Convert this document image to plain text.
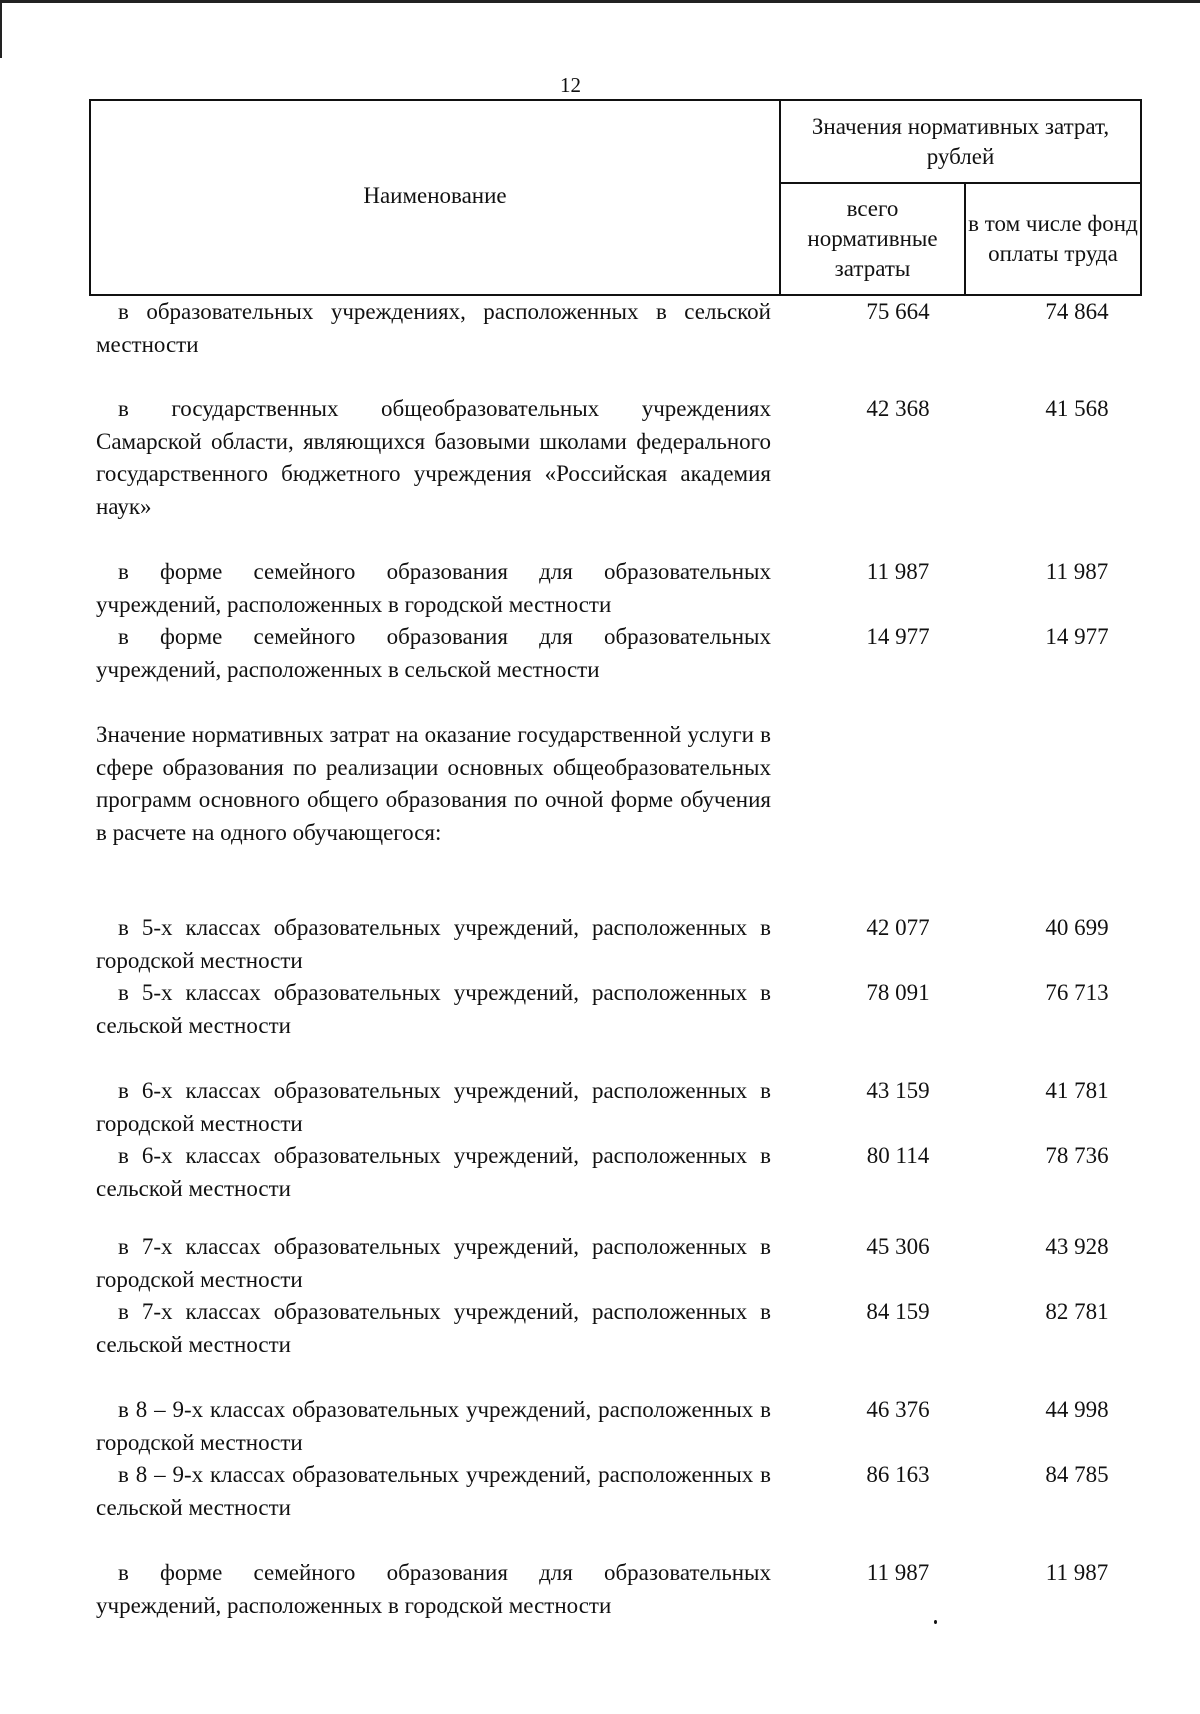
12
Наименование
Значения нормативных затрат, рублей
всего нормативные затраты
в том числе фонд оплаты труда
в образовательных учреждениях, расположенных в сельской местности
75 664	74 864
в государственных общеобразовательных учреждениях Самарской области, являющихся базовыми школами федерального государственного бюджетного учреждения «Российская академия наук»
42 368	41 568
в форме семейного образования для образовательных учреждений, расположенных в городской местности
11 987	11 987
в форме семейного образования для образовательных учреждений, расположенных в сельской местности
14 977	14 977
Значение нормативных затрат на оказание государственной услуги в сфере образования по реализации основных общеобразовательных программ основного общего образования по очной форме обучения в расчете на одного обучающегося:
в 5-х классах образовательных учреждений, расположенных в городской местности
42 077	40 699
в 5-х классах образовательных учреждений, расположенных в сельской местности
78 091	76 713
в 6-х классах образовательных учреждений, расположенных в городской местности
43 159	41 781
в 6-х классах образовательных учреждений, расположенных в сельской местности
80 114	78 736
в 7-х классах образовательных учреждений, расположенных в городской местности
45 306	43 928
в 7-х классах образовательных учреждений, расположенных в сельской местности
84 159	82 781
в 8 – 9-х классах образовательных учреждений, расположенных в городской местности
46 376	44 998
в 8 – 9-х классах образовательных учреждений, расположенных в сельской местности
86 163	84 785
в форме семейного образования для образовательных учреждений, расположенных в городской местности
11 987	11 987
